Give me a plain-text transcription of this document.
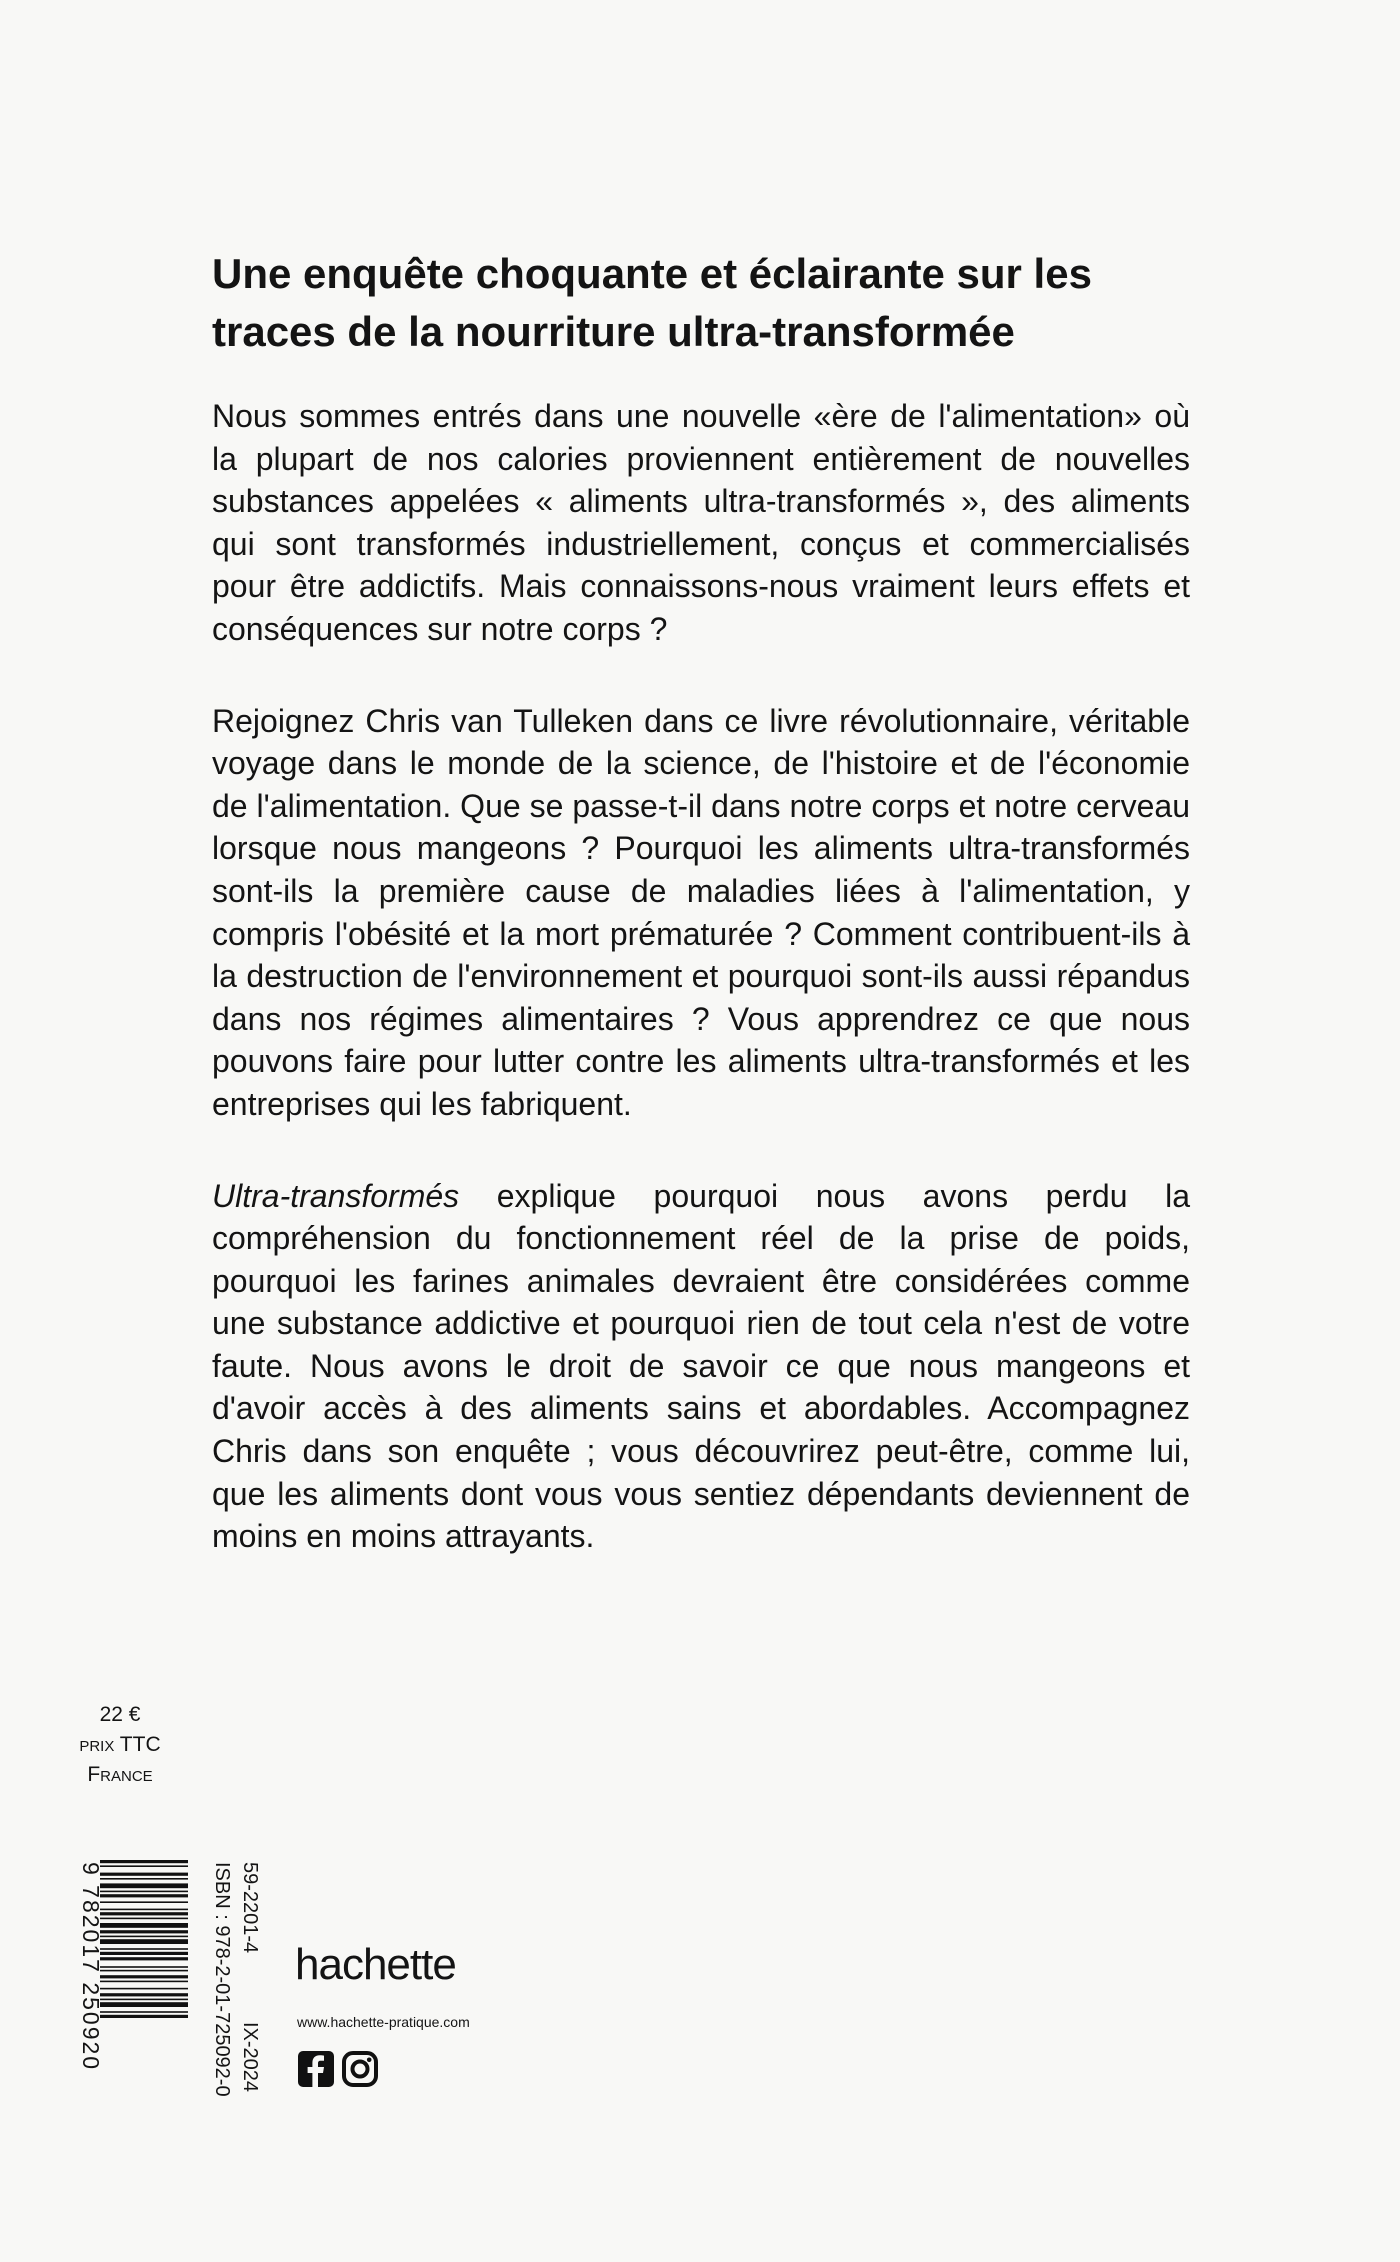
Une enquête choquante et éclairante sur les
traces de la nourriture ultra-transformée

Nous sommes entrés dans une nouvelle «ère de l'alimentation» où la plupart de nos calories proviennent entièrement de nouvelles substances appelées « aliments ultra-transformés », des aliments qui sont transformés industriellement, conçus et commercialisés pour être addictifs. Mais connaissons-nous vraiment leurs effets et conséquences sur notre corps ?

Rejoignez Chris van Tulleken dans ce livre révolutionnaire, véritable voyage dans le monde de la science, de l'histoire et de l'économie de l'alimentation. Que se passe-t-il dans notre corps et notre cerveau lorsque nous mangeons ? Pourquoi les aliments ultra-transformés sont-ils la première cause de maladies liées à l'alimentation, y compris l'obésité et la mort prématurée ? Comment contribuent-ils à la destruction de l'environnement et pourquoi sont-ils aussi répandus dans nos régimes alimentaires ? Vous apprendrez ce que nous pouvons faire pour lutter contre les aliments ultra-transformés et les entreprises qui les fabriquent.

Ultra-transformés explique pourquoi nous avons perdu la compréhension du fonctionnement réel de la prise de poids, pourquoi les farines animales devraient être considérées comme une substance addictive et pourquoi rien de tout cela n'est de votre faute. Nous avons le droit de savoir ce que nous mangeons et d'avoir accès à des aliments sains et abordables. Accompagnez Chris dans son enquête ; vous découvrirez peut-être, comme lui, que les aliments dont vous vous sentiez dépendants deviennent de moins en moins attrayants.

22 €
prix TTC
France
9 782017 250920	59-2201-4
IX-2024
ISBN : 978-2-01-725092-0 hachette
www.hachette-pratique.com
